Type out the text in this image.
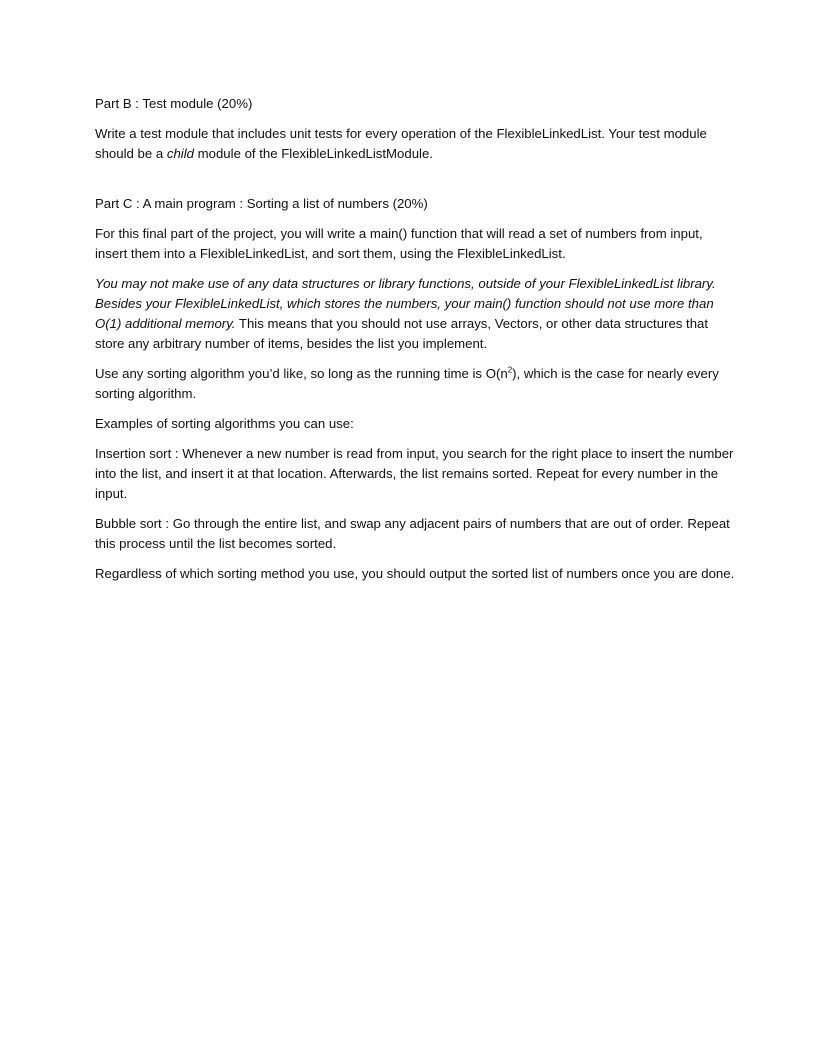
Part B : Test module (20%)
Write a test module that includes unit tests for every operation of the FlexibleLinkedList. Your test module should be a child module of the FlexibleLinkedListModule.
Part C : A main program : Sorting a list of numbers (20%)
For this final part of the project, you will write a main() function that will read a set of numbers from input, insert them into a FlexibleLinkedList, and sort them, using the FlexibleLinkedList.
You may not make use of any data structures or library functions, outside of your FlexibleLinkedList library. Besides your FlexibleLinkedList, which stores the numbers, your main() function should not use more than O(1) additional memory. This means that you should not use arrays, Vectors, or other data structures that store any arbitrary number of items, besides the list you implement.
Use any sorting algorithm you’d like, so long as the running time is $O(n^2)$, which is the case for nearly every sorting algorithm.
Examples of sorting algorithms you can use:
Insertion sort : Whenever a new number is read from input, you search for the right place to insert the number into the list, and insert it at that location. Afterwards, the list remains sorted. Repeat for every number in the input.
Bubble sort : Go through the entire list, and swap any adjacent pairs of numbers that are out of order. Repeat this process until the list becomes sorted.
Regardless of which sorting method you use, you should output the sorted list of numbers once you are done.
